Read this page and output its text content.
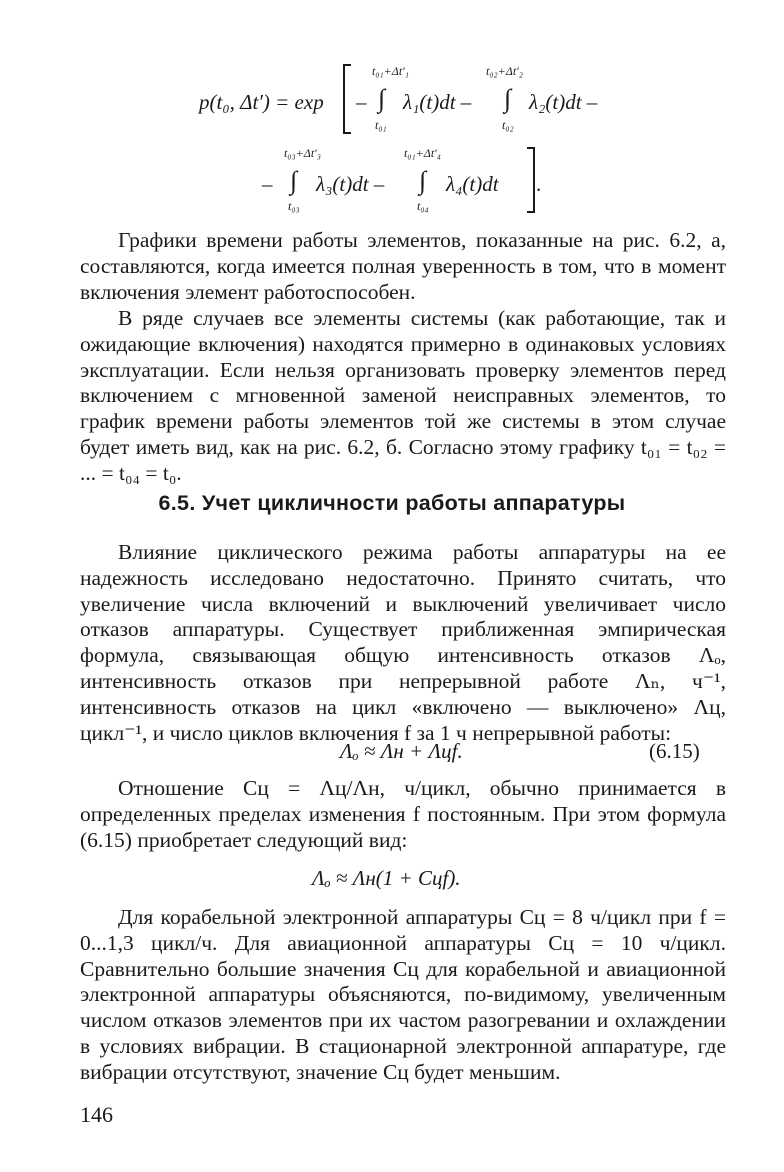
p(t₀, Δt′) = exp –
t₀₁+Δt′₁
∫
t₀₁
λ₁(t)dt –
t₀₂+Δt′₂
∫
t₀₂
λ₂(t)dt –
–
t₀₃+Δt′₃
∫
t₀₃
λ₃(t)dt –
t₀₁+Δt′₄
∫
t₀₄
λ₄(t)dt .

Графики времени работы элементов, показанные на рис. 6.2, а, составляются, когда имеется полная уверенность в том, что в момент включения элемент работоспособен.

В ряде случаев все элементы системы (как работающие, так и ожидающие включения) находятся примерно в одинаковых условиях эксплуатации. Если нельзя организовать проверку элементов перед включением с мгновенной заменой неисправных элементов, то график времени работы элементов той же системы в этом случае будет иметь вид, как на рис. 6.2, б. Согласно этому графику t₀₁ = t₀₂ = ... = t₀₄ = t₀.

6.5. Учет цикличности работы аппаратуры

Влияние циклического режима работы аппаратуры на ее надежность исследовано недостаточно. Принято считать, что увеличение числа включений и выключений увеличивает число отказов аппаратуры. Существует приближенная эмпирическая формула, связывающая общую интенсивность отказов Λₒ, интенсивность отказов при непрерывной работе Λₙ, ч⁻¹, интенсивность отказов на цикл «включено — выключено» Λц, цикл⁻¹, и число циклов включения f за 1 ч непрерывной работы:

Λₒ ≈ Λн + Λцf.	(6.15)

Отношение Cц = Λц/Λн, ч/цикл, обычно принимается в определенных пределах изменения f постоянным. При этом формула (6.15) приобретает следующий вид:

Λₒ ≈ Λн(1 + Cцf).

Для корабельной электронной аппаратуры Cц = 8 ч/цикл при f = 0...1,3 цикл/ч. Для авиационной аппаратуры Cц = 10 ч/цикл. Сравнительно большие значения Cц для корабельной и авиационной электронной аппаратуры объясняются, по-видимому, увеличенным числом отказов элементов при их частом разогревании и охлаждении в условиях вибрации. В стационарной электронной аппаратуре, где вибрации отсутствуют, значение Cц будет меньшим.

146
